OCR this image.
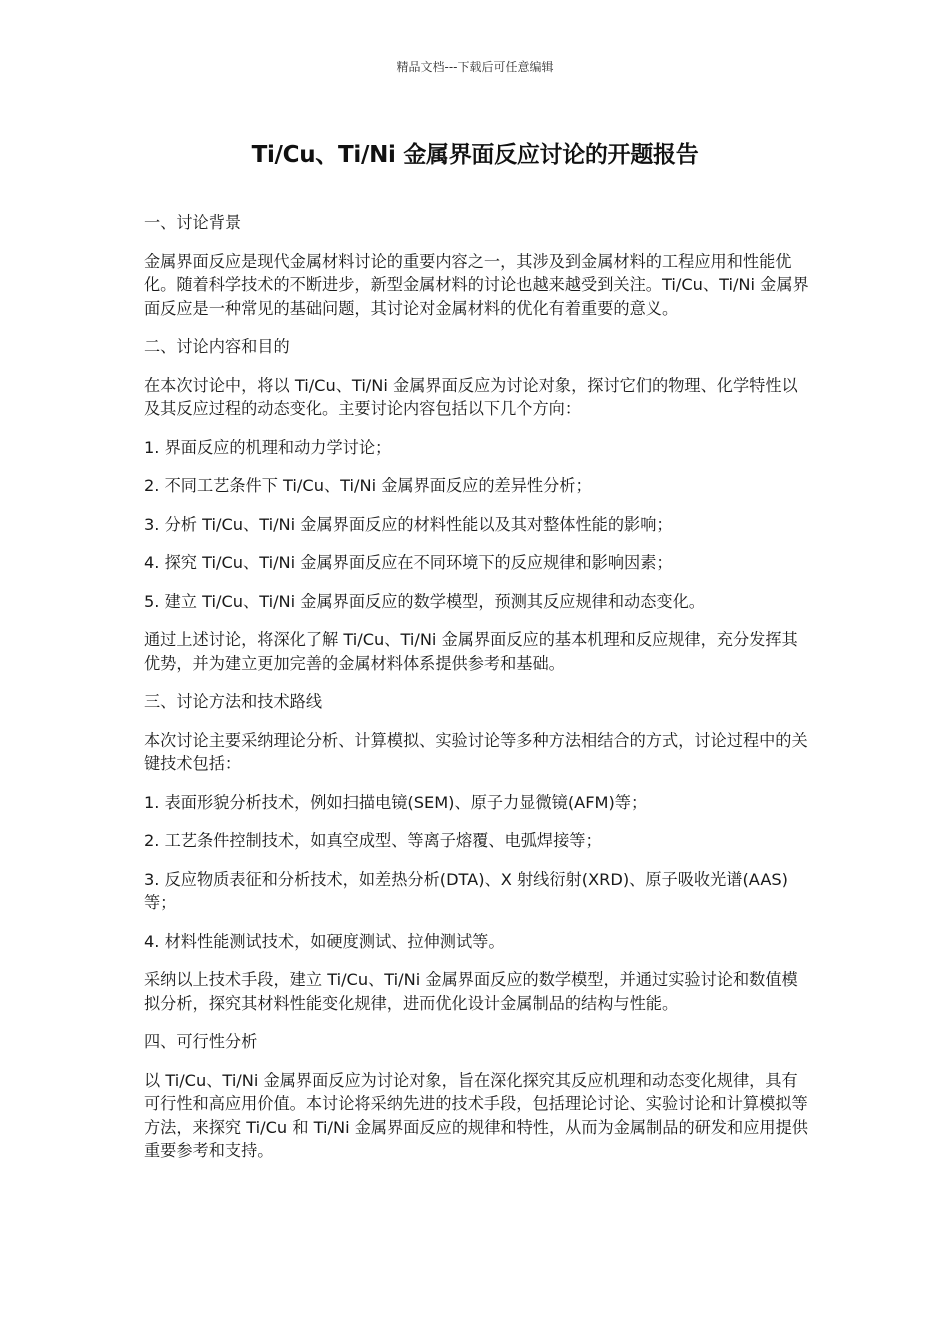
精品文档---下载后可任意编辑
Ti/Cu、Ti/Ni 金属界面反应讨论的开题报告

一、讨论背景

金属界面反应是现代金属材料讨论的重要内容之一，其涉及到金属材料的工程应用和性能优化。随着科学技术的不断进步，新型金属材料的讨论也越来越受到关注。Ti/Cu、Ti/Ni 金属界面反应是一种常见的基础问题，其讨论对金属材料的优化有着重要的意义。

二、讨论内容和目的

在本次讨论中，将以 Ti/Cu、Ti/Ni 金属界面反应为讨论对象，探讨它们的物理、化学特性以及其反应过程的动态变化。主要讨论内容包括以下几个方向：

1. 界面反应的机理和动力学讨论；

2. 不同工艺条件下 Ti/Cu、Ti/Ni 金属界面反应的差异性分析；

3. 分析 Ti/Cu、Ti/Ni 金属界面反应的材料性能以及其对整体性能的影响；

4. 探究 Ti/Cu、Ti/Ni 金属界面反应在不同环境下的反应规律和影响因素；

5. 建立 Ti/Cu、Ti/Ni 金属界面反应的数学模型，预测其反应规律和动态变化。

通过上述讨论，将深化了解 Ti/Cu、Ti/Ni 金属界面反应的基本机理和反应规律，充分发挥其优势，并为建立更加完善的金属材料体系提供参考和基础。

三、讨论方法和技术路线

本次讨论主要采纳理论分析、计算模拟、实验讨论等多种方法相结合的方式，讨论过程中的关键技术包括：

1. 表面形貌分析技术，例如扫描电镜(SEM)、原子力显微镜(AFM)等；

2. 工艺条件控制技术，如真空成型、等离子熔覆、电弧焊接等；

3. 反应物质表征和分析技术，如差热分析(DTA)、X 射线衍射(XRD)、原子吸收光谱(AAS)等；

4. 材料性能测试技术，如硬度测试、拉伸测试等。

采纳以上技术手段，建立 Ti/Cu、Ti/Ni 金属界面反应的数学模型，并通过实验讨论和数值模拟分析，探究其材料性能变化规律，进而优化设计金属制品的结构与性能。

四、可行性分析

以 Ti/Cu、Ti/Ni 金属界面反应为讨论对象，旨在深化探究其反应机理和动态变化规律，具有可行性和高应用价值。本讨论将采纳先进的技术手段，包括理论讨论、实验讨论和计算模拟等方法，来探究 Ti/Cu 和 Ti/Ni 金属界面反应的规律和特性，从而为金属制品的研发和应用提供重要参考和支持。
